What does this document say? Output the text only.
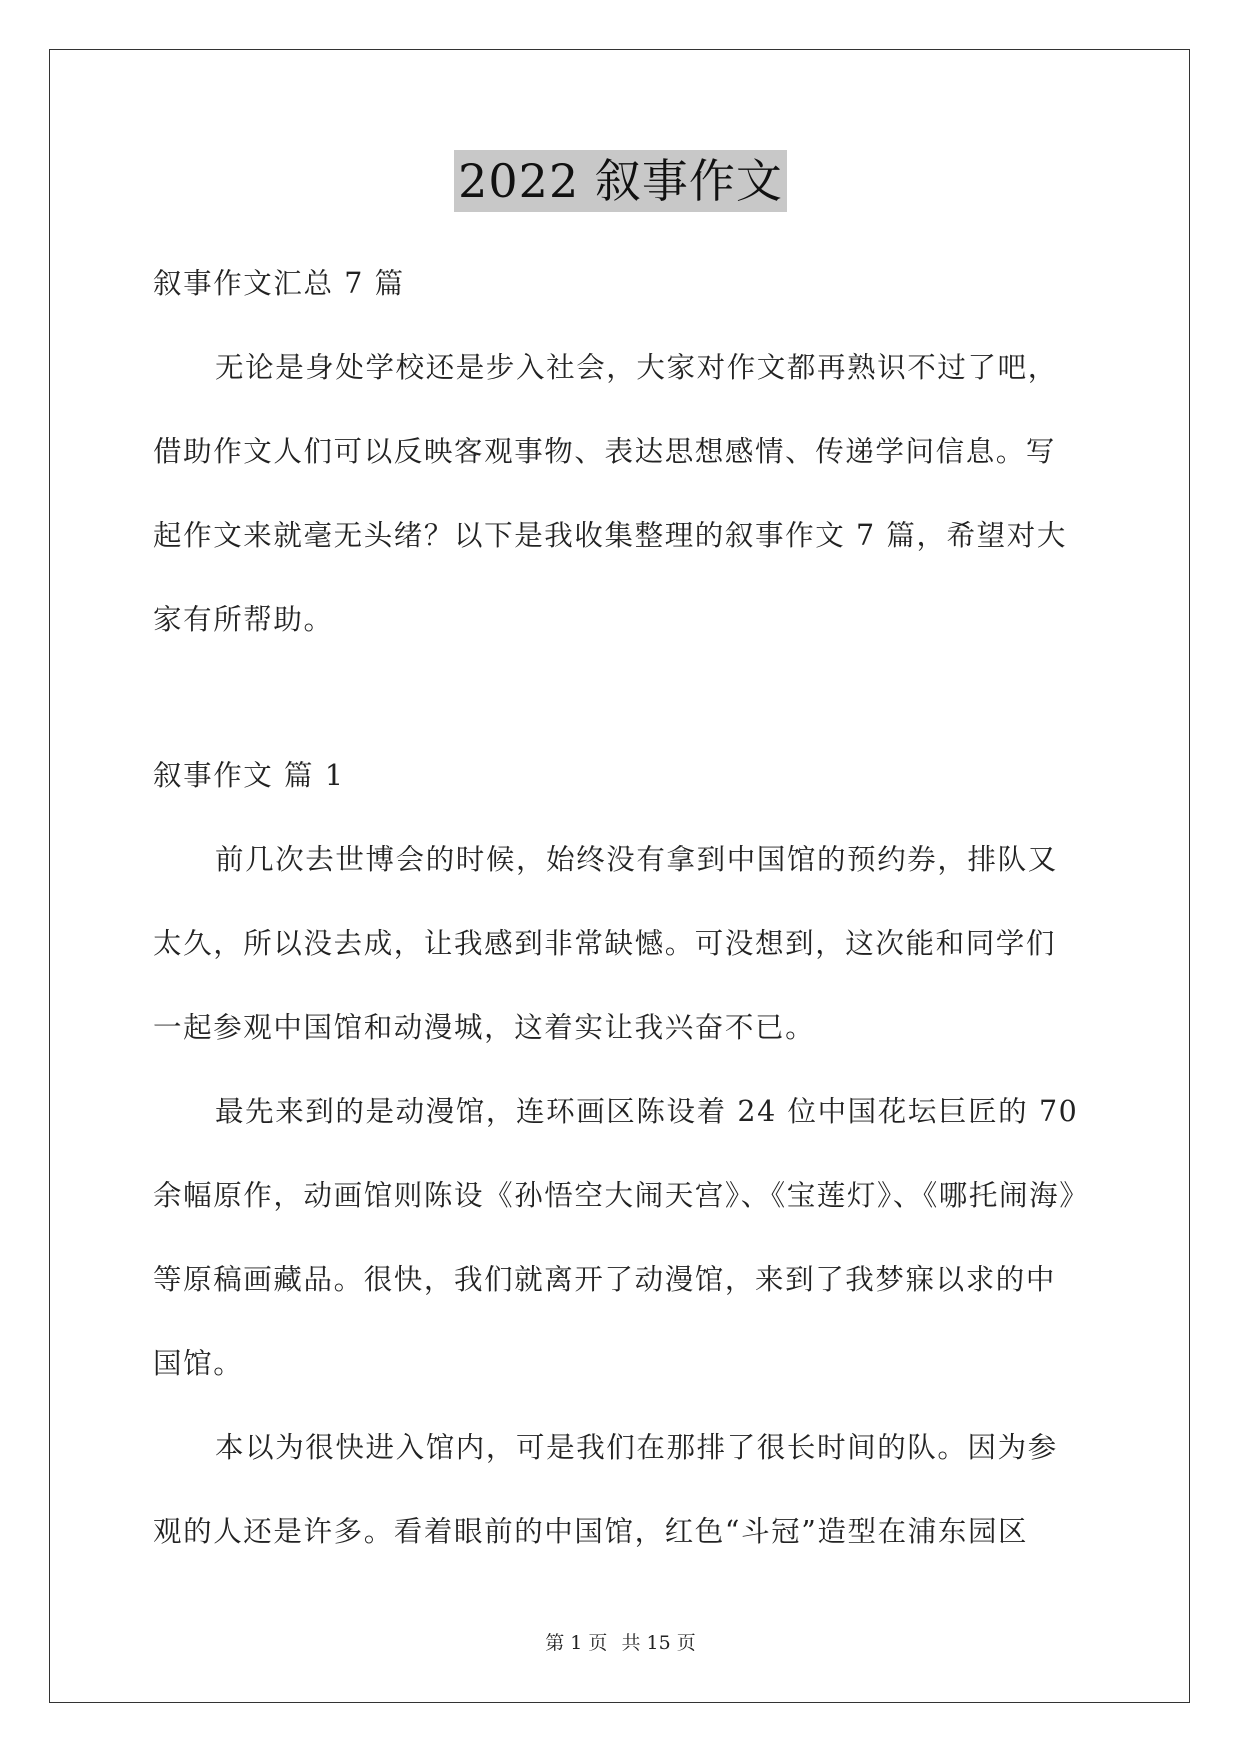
2022 叙事作文
叙事作文汇总 7 篇
无论是身处学校还是步入社会，大家对作文都再熟识不过了吧，
借助作文人们可以反映客观事物、表达思想感情、传递学问信息。写
起作文来就毫无头绪？以下是我收集整理的叙事作文 7 篇，希望对大
家有所帮助。
叙事作文 篇 1
前几次去世博会的时候，始终没有拿到中国馆的预约券，排队又
太久，所以没去成，让我感到非常缺憾。可没想到，这次能和同学们
一起参观中国馆和动漫城，这着实让我兴奋不已。
最先来到的是动漫馆，连环画区陈设着 24 位中国花坛巨匠的 70
余幅原作，动画馆则陈设《孙悟空大闹天宫》、《宝莲灯》、《哪托闹海》
等原稿画藏品。很快，我们就离开了动漫馆，来到了我梦寐以求的中
国馆。
本以为很快进入馆内，可是我们在那排了很长时间的队。因为参
观的人还是许多。看着眼前的中国馆，红色“斗冠”造型在浦东园区
第 1 页 共 15 页
